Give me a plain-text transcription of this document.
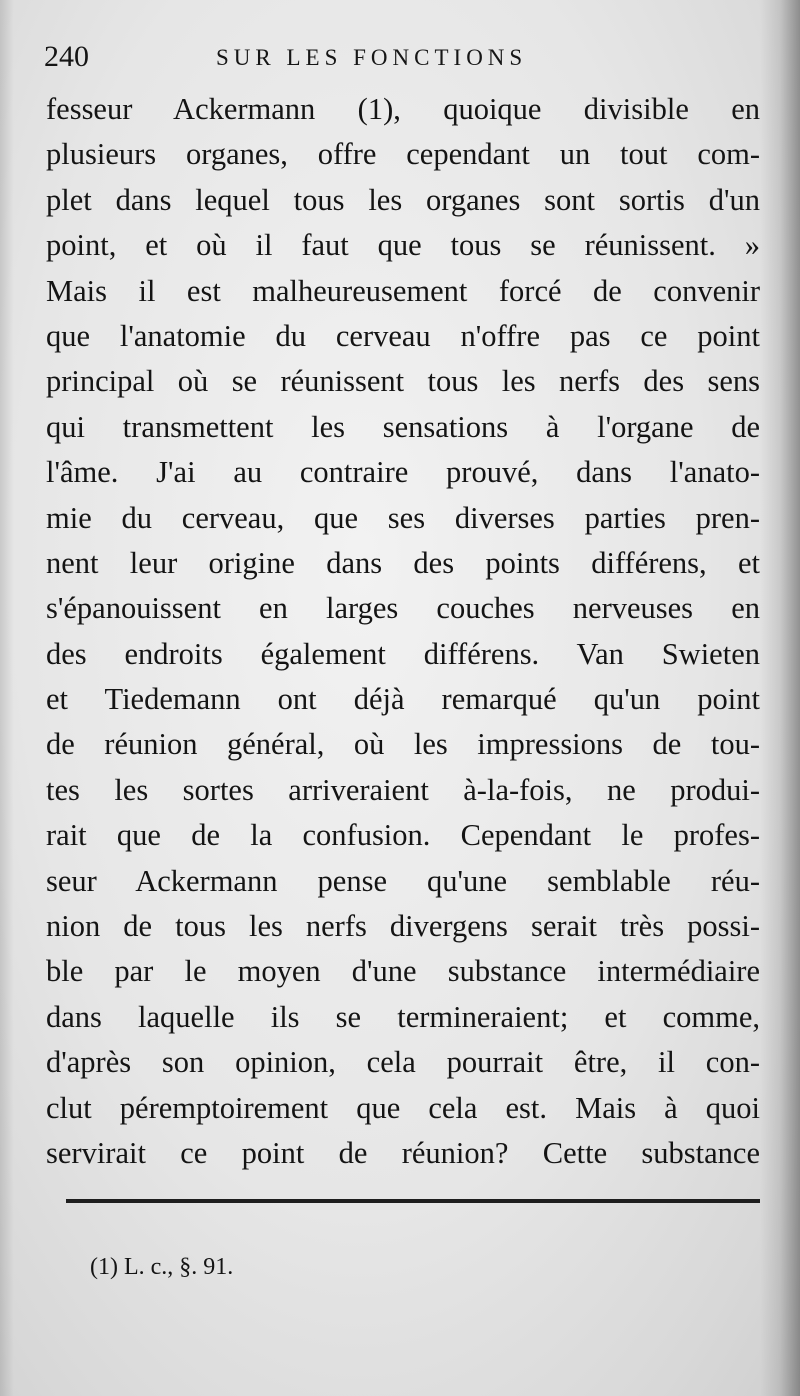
240	SUR LES FONCTIONS
fesseur Ackermann (1), quoique divisible en
plusieurs organes, offre cependant un tout com-
plet dans lequel tous les organes sont sortis d'un
point, et où il faut que tous se réunissent. »
Mais il est malheureusement forcé de convenir
que l'anatomie du cerveau n'offre pas ce point
principal où se réunissent tous les nerfs des sens
qui transmettent les sensations à l'organe de
l'âme. J'ai au contraire prouvé, dans l'anato-
mie du cerveau, que ses diverses parties pren-
nent leur origine dans des points différens, et
s'épanouissent en larges couches nerveuses en
des endroits également différens. Van Swieten
et Tiedemann ont déjà remarqué qu'un point
de réunion général, où les impressions de tou-
tes les sortes arriveraient à-la-fois, ne produi-
rait que de la confusion. Cependant le profes-
seur Ackermann pense qu'une semblable réu-
nion de tous les nerfs divergens serait très possi-
ble par le moyen d'une substance intermédiaire
dans laquelle ils se termineraient; et comme,
d'après son opinion, cela pourrait être, il con-
clut péremptoirement que cela est. Mais à quoi
servirait ce point de réunion? Cette substance
(1) L. c., §. 91.
